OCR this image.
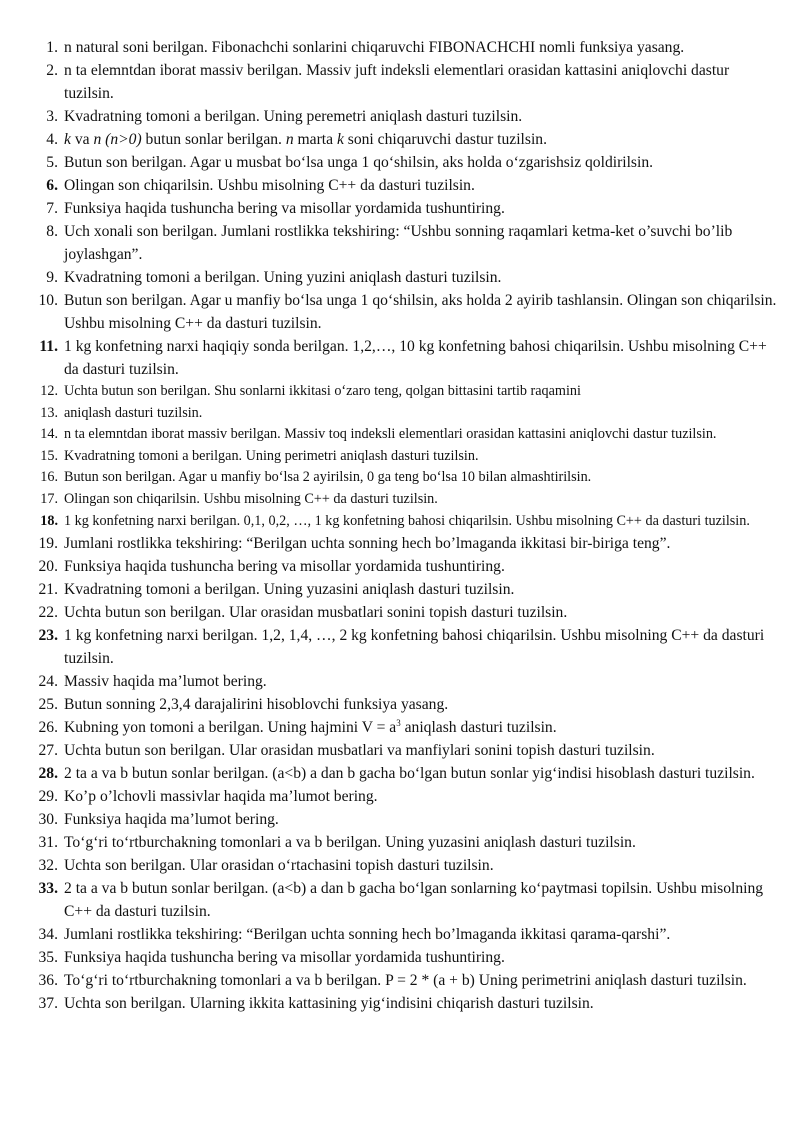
1. n natural soni berilgan. Fibonachchi sonlarini chiqaruvchi FIBONACHCHI nomli funksiya yasang.
2. n ta elemntdan iborat massiv berilgan. Massiv juft indeksli elementlari orasidan kattasini aniqlovchi dastur tuzilsin.
3. Kvadratning tomoni a berilgan. Uning peremetri aniqlash dasturi tuzilsin.
4. k va n (n>0) butun sonlar berilgan. n marta k soni chiqaruvchi dastur tuzilsin.
5. Butun son berilgan. Agar u musbat bo‘lsa unga 1 qo‘shilsin, aks holda o‘zgarishsiz qoldirilsin.
6. Olingan son chiqarilsin. Ushbu misolning C++ da dasturi tuzilsin.
7. Funksiya haqida tushuncha bering va misollar yordamida tushuntiring.
8. Uch xonali son berilgan. Jumlani rostlikka tekshiring: “Ushbu sonning raqamlari ketma-ket o’suvchi bo’lib joylashgan”.
9. Kvadratning tomoni a berilgan. Uning yuzini aniqlash dasturi tuzilsin.
10. Butun son berilgan. Agar u manfiy bo‘lsa unga 1 qo‘shilsin, aks holda 2 ayirib tashlansin. Olingan son chiqarilsin. Ushbu misolning C++ da dasturi tuzilsin.
11. 1 kg konfetning narxi haqiqiy sonda berilgan. 1,2,…, 10 kg konfetning bahosi chiqarilsin. Ushbu misolning C++ da dasturi tuzilsin.
12. Uchta butun son berilgan. Shu sonlarni ikkitasi o‘zaro teng, qolgan bittasini tartib raqamini
13. aniqlash dasturi tuzilsin.
14. n ta elemntdan iborat massiv berilgan. Massiv toq indeksli elementlari orasidan kattasini aniqlovchi dastur tuzilsin.
15. Kvadratning tomoni a berilgan. Uning perimetri aniqlash dasturi tuzilsin.
16. Butun son berilgan. Agar u manfiy bo‘lsa 2 ayirilsin, 0 ga teng bo‘lsa 10 bilan almashtirilsin.
17. Olingan son chiqarilsin. Ushbu misolning C++ da dasturi tuzilsin.
18. 1 kg konfetning narxi berilgan. 0,1, 0,2, …, 1 kg konfetning bahosi chiqarilsin. Ushbu misolning C++ da dasturi tuzilsin.
19. Jumlani rostlikka tekshiring: “Berilgan uchta sonning hech bo’lmaganda ikkitasi bir-biriga teng”.
20. Funksiya haqida tushuncha bering va misollar yordamida tushuntiring.
21. Kvadratning tomoni a berilgan. Uning yuzasini aniqlash dasturi tuzilsin.
22. Uchta butun son berilgan. Ular orasidan musbatlari sonini topish dasturi tuzilsin.
23. 1 kg konfetning narxi berilgan. 1,2, 1,4, …, 2 kg konfetning bahosi chiqarilsin. Ushbu misolning C++ da dasturi tuzilsin.
24. Massiv haqida ma’lumot bering.
25. Butun sonning 2,3,4 darajalirini hisoblovchi funksiya yasang.
26. Kubning yon tomoni a berilgan. Uning hajmini $V = a^3$ aniqlash dasturi tuzilsin.
27. Uchta butun son berilgan. Ular orasidan musbatlari va manfiylari sonini topish dasturi tuzilsin.
28. 2 ta a va b butun sonlar berilgan. (a<b) a dan b gacha bo‘lgan butun sonlar yig‘indisi hisoblash dasturi tuzilsin.
29. Ko’p o’lchovli massivlar haqida ma’lumot bering.
30. Funksiya haqida ma’lumot bering.
31. To‘g‘ri to‘rtburchakning tomonlari a va b berilgan. Uning yuzasini aniqlash dasturi tuzilsin.
32. Uchta son berilgan. Ular orasidan o‘rtachasini topish dasturi tuzilsin.
33. 2 ta a va b butun sonlar berilgan. (a<b) a dan b gacha bo‘lgan sonlarning ko‘paytmasi topilsin. Ushbu misolning C++ da dasturi tuzilsin.
34. Jumlani rostlikka tekshiring: “Berilgan uchta sonning hech bo’lmaganda ikkitasi qarama-qarshi”.
35. Funksiya haqida tushuncha bering va misollar yordamida tushuntiring.
36. To‘g‘ri to‘rtburchakning tomonlari a va b berilgan. P = 2 * (a + b) Uning perimetrini aniqlash dasturi tuzilsin.
37. Uchta son berilgan. Ularning ikkita kattasining yig‘indisini chiqarish dasturi tuzilsin.
